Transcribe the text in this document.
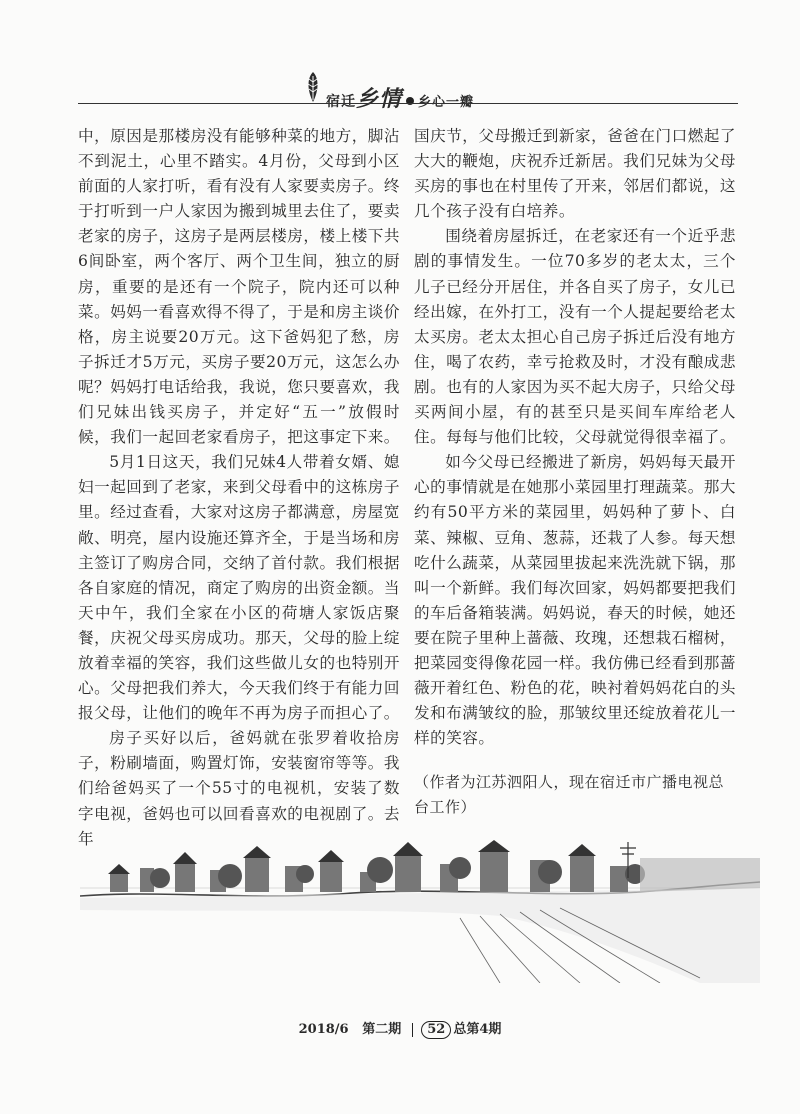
宿迁乡情 乡心一瓣

中，原因是那楼房没有能够种菜的地方，脚沾不到泥土，心里不踏实。4月份，父母到小区前面的人家打听，看有没有人家要卖房子。终于打听到一户人家因为搬到城里去住了，要卖老家的房子，这房子是两层楼房，楼上楼下共6间卧室，两个客厅、两个卫生间，独立的厨房，重要的是还有一个院子，院内还可以种菜。妈妈一看喜欢得不得了，于是和房主谈价格，房主说要20万元。这下爸妈犯了愁，房子拆迁才5万元，买房子要20万元，这怎么办呢？妈妈打电话给我，我说，您只要喜欢，我们兄妹出钱买房子，并定好“五一”放假时候，我们一起回老家看房子，把这事定下来。

5月1日这天，我们兄妹4人带着女婿、媳妇一起回到了老家，来到父母看中的这栋房子里。经过查看，大家对这房子都满意，房屋宽敞、明亮，屋内设施还算齐全，于是当场和房主签订了购房合同，交纳了首付款。我们根据各自家庭的情况，商定了购房的出资金额。当天中午，我们全家在小区的荷塘人家饭店聚餐，庆祝父母买房成功。那天，父母的脸上绽放着幸福的笑容，我们这些做儿女的也特别开心。父母把我们养大，今天我们终于有能力回报父母，让他们的晚年不再为房子而担心了。

房子买好以后，爸妈就在张罗着收拾房子，粉刷墙面，购置灯饰，安装窗帘等等。我们给爸妈买了一个55寸的电视机，安装了数字电视，爸妈也可以回看喜欢的电视剧了。去年

国庆节，父母搬迁到新家，爸爸在门口燃起了大大的鞭炮，庆祝乔迁新居。我们兄妹为父母买房的事也在村里传了开来，邻居们都说，这几个孩子没有白培养。

围绕着房屋拆迁，在老家还有一个近乎悲剧的事情发生。一位70多岁的老太太，三个儿子已经分开居住，并各自买了房子，女儿已经出嫁，在外打工，没有一个人提起要给老太太买房。老太太担心自己房子拆迁后没有地方住，喝了农药，幸亏抢救及时，才没有酿成悲剧。也有的人家因为买不起大房子，只给父母买两间小屋，有的甚至只是买间车库给老人住。每每与他们比较，父母就觉得很幸福了。

如今父母已经搬进了新房，妈妈每天最开心的事情就是在她那小菜园里打理蔬菜。那大约有50平方米的菜园里，妈妈种了萝卜、白菜、辣椒、豆角、葱蒜，还栽了人参。每天想吃什么蔬菜，从菜园里拔起来洗洗就下锅，那叫一个新鲜。我们每次回家，妈妈都要把我们的车后备箱装满。妈妈说，春天的时候，她还要在院子里种上蔷薇、玫瑰，还想栽石榴树，把菜园变得像花园一样。我仿佛已经看到那蔷薇开着红色、粉色的花，映衬着妈妈花白的头发和布满皱纹的脸，那皱纹里还绽放着花儿一样的笑容。

（作者为江苏泗阳人，现在宿迁市广播电视总台工作）
2018/6 第二期 52 总第4期
